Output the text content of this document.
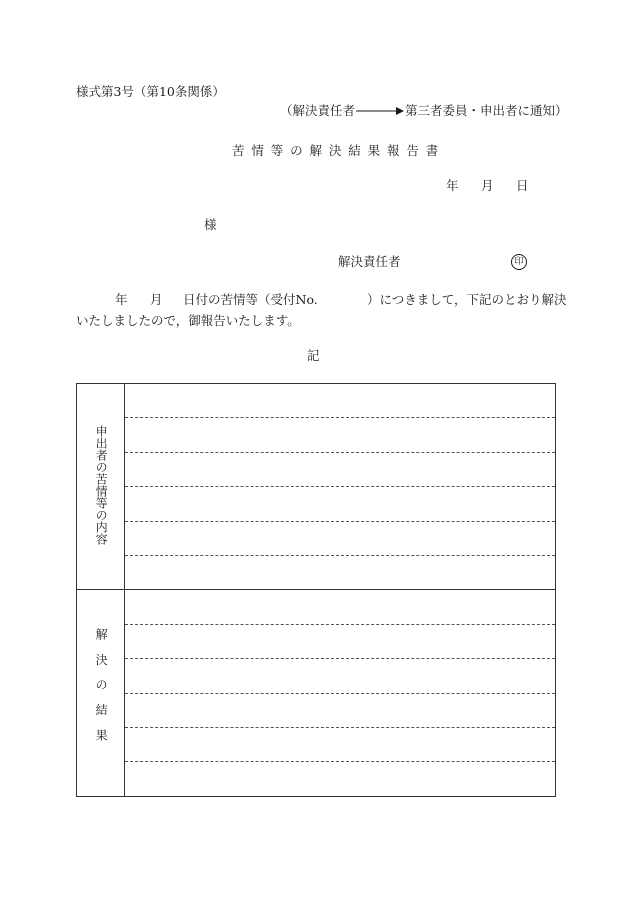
様式第3号（第10条関係）
（解決責任者	第三者委員・申出者に通知）
苦情等の解決結果報告書
年 月 日
様
解決責任者	印
年 月 日付の苦情等（受付No.	）につきまして，下記のとおり解決
いたしましたので，御報告いたします。
記
申出者の苦情等の内容	

解決の結果	
